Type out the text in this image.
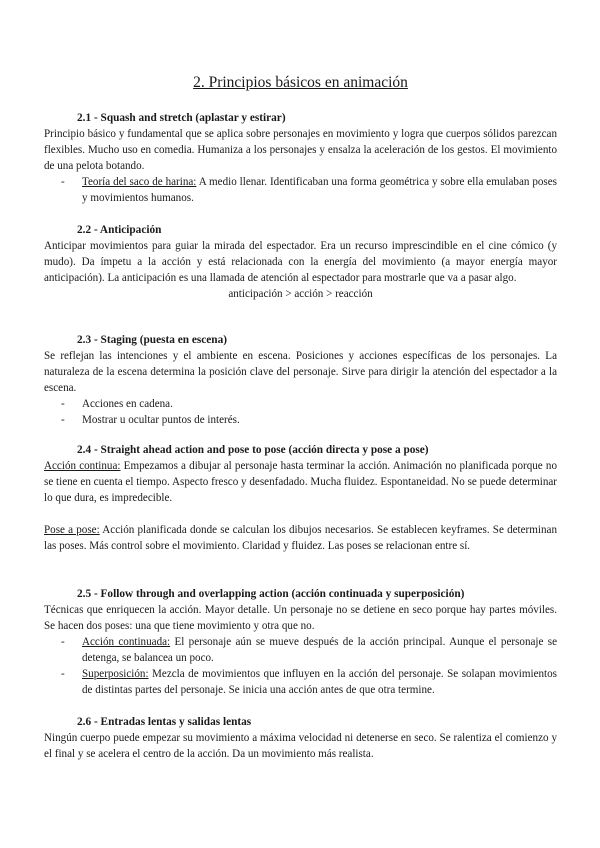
2. Principios básicos en animación
2.1 - Squash and stretch (aplastar y estirar)

Principio básico y fundamental que se aplica sobre personajes en movimiento y logra que cuerpos sólidos parezcan flexibles. Mucho uso en comedia. Humaniza a los personajes y ensalza la aceleración de los gestos. El movimiento de una pelota botando.

- Teoría del saco de harina: A medio llenar. Identificaban una forma geométrica y sobre ella emulaban poses y movimientos humanos.
2.2 - Anticipación

Anticipar movimientos para guiar la mirada del espectador. Era un recurso imprescindible en el cine cómico (y mudo). Da ímpetu a la acción y está relacionada con la energía del movimiento (a mayor energía mayor anticipación). La anticipación es una llamada de atención al espectador para mostrarle que va a pasar algo.

anticipación > acción > reacción

2.3 - Staging (puesta en escena)

Se reflejan las intenciones y el ambiente en escena. Posiciones y acciones específicas de los personajes. La naturaleza de la escena determina la posición clave del personaje. Sirve para dirigir la atención del espectador a la escena.

- Acciones en cadena.
- Mostrar u ocultar puntos de interés.
2.4 - Straight ahead action and pose to pose (acción directa y pose a pose)

Acción continua: Empezamos a dibujar al personaje hasta terminar la acción. Animación no planificada porque no se tiene en cuenta el tiempo. Aspecto fresco y desenfadado. Mucha fluidez. Espontaneidad. No se puede determinar lo que dura, es impredecible.

Pose a pose: Acción planificada donde se calculan los dibujos necesarios. Se establecen keyframes. Se determinan las poses. Más control sobre el movimiento. Claridad y fluidez. Las poses se relacionan entre sí.

2.5 - Follow through and overlapping action (acción continuada y superposición)

Técnicas que enriquecen la acción. Mayor detalle. Un personaje no se detiene en seco porque hay partes móviles. Se hacen dos poses: una que tiene movimiento y otra que no.

- Acción continuada: El personaje aún se mueve después de la acción principal. Aunque el personaje se detenga, se balancea un poco.
- Superposición: Mezcla de movimientos que influyen en la acción del personaje. Se solapan movimientos de distintas partes del personaje. Se inicia una acción antes de que otra termine.
2.6 - Entradas lentas y salidas lentas

Ningún cuerpo puede empezar su movimiento a máxima velocidad ni detenerse en seco. Se ralentiza el comienzo y el final y se acelera el centro de la acción. Da un movimiento más realista.
